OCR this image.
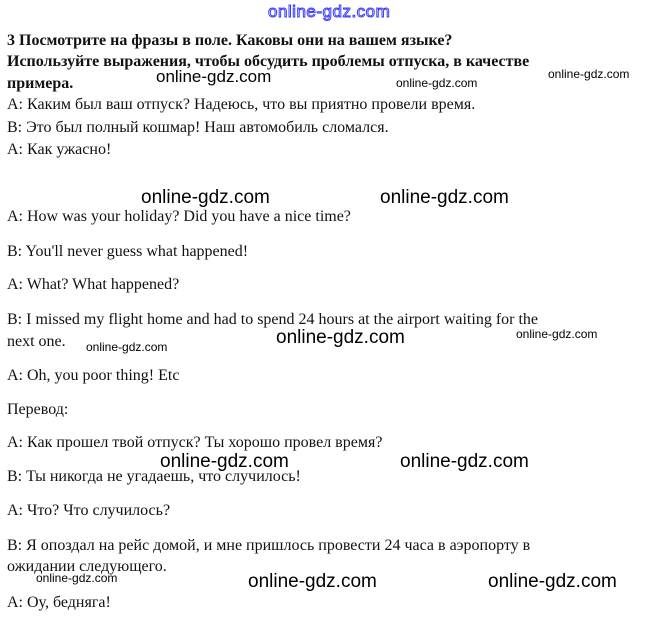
online-gdz.com
3 Посмотрите на фразы в поле. Каковы они на вашем языке?
Используйте выражения, чтобы обсудить проблемы отпуска, в качестве
примера.
A: Каким был ваш отпуск? Надеюсь, что вы приятно провели время.
B: Это был полный кошмар! Наш автомобиль сломался.
A: Как ужасно!
A: How was your holiday? Did you have a nice time?
B: You'll never guess what happened!
A: What? What happened?
B: I missed my flight home and had to spend 24 hours at the airport waiting for the
next one.
A: Oh, you poor thing! Etc
Перевод:
A: Как прошел твой отпуск? Ты хорошо провел время?
B: Ты никогда не угадаешь, что случилось!
A: Что? Что случилось?
B: Я опоздал на рейс домой, и мне пришлось провести 24 часа в аэропорту в
ожидании следующего.
A: Оу, бедняга!
online-gdz.com	online-gdz.com
online-gdz.com
online-gdz.com	online-gdz.com
online-gdz.com	online-gdz.com
online-gdz.com
online-gdz.com	online-gdz.com
online-gdz.com	online-gdz.com	online-gdz.com
